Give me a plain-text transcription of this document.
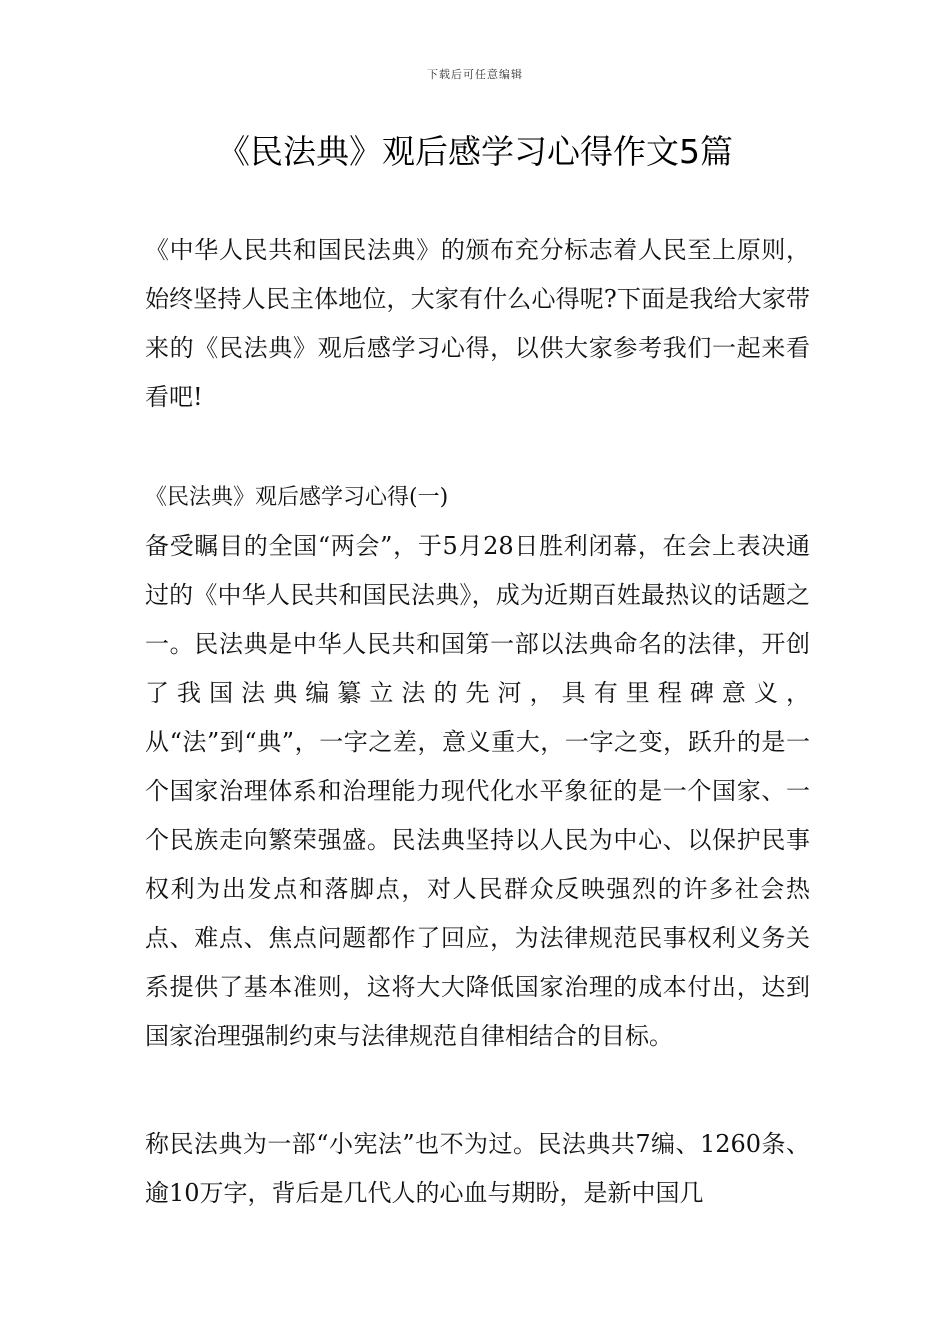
下载后可任意编辑
《民法典》观后感学习心得作文5篇

《中华人民共和国民法典》的颁布充分标志着人民至上原则，始终坚持人民主体地位，大家有什么心得呢?下面是我给大家带来的《民法典》观后感学习心得，以供大家参考我们一起来看看吧!

《民法典》观后感学习心得(一)

备受瞩目的全国“两会”，于5月28日胜利闭幕，在会上表决通过的《中华人民共和国民法典》，成为近期百姓最热议的话题之一。民法典是中华人民共和国第一部以法典命名的法律，开创了我国法典编纂立法的先河，具有里程碑意义，从“法”到“典”，一字之差，意义重大，一字之变，跃升的是一个国家治理体系和治理能力现代化水平象征的是一个国家、一个民族走向繁荣强盛。民法典坚持以人民为中心、以保护民事权利为出发点和落脚点，对人民群众反映强烈的许多社会热点、难点、焦点问题都作了回应，为法律规范民事权利义务关系提供了基本准则，这将大大降低国家治理的成本付出，达到国家治理强制约束与法律规范自律相结合的目标。

称民法典为一部“小宪法”也不为过。民法典共7编、1260条、逾10万字，背后是几代人的心血与期盼，是新中国几
